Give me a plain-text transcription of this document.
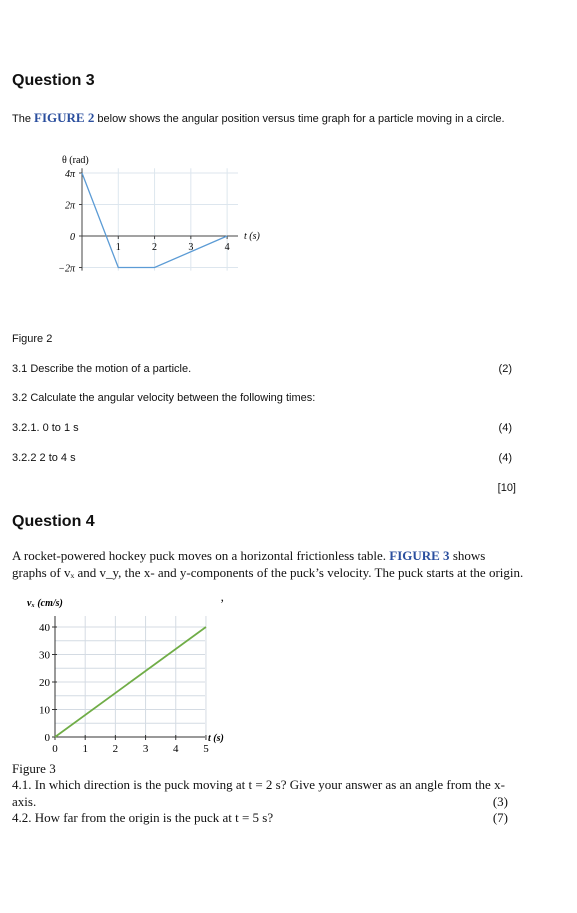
Question 3
The FIGURE 2 below shows the angular position versus time graph for a particle moving in a circle.
4π
2π
0
−2π
1	2	3	4
θ (rad)
t (s)
Figure 2
3.1 Describe the motion of a particle.	(2)
3.2 Calculate the angular velocity between the following times:
3.2.1. 0 to 1 s	(4)
3.2.2 2 to 4 s	(4)
[10]
Question 4
A rocket-powered hockey puck moves on a horizontal frictionless table. FIGURE 3 shows
graphs of vₓ and v_y, the x- and y-components of the puck’s velocity. The puck starts at the origin.
ʼ
0
10
20
30
40
0 1 2 3 4 5
vₓ (cm/s)
t (s)
Figure 3
4.1. In which direction is the puck moving at t = 2 s? Give your answer as an angle from the x-
axis.	(3)
4.2. How far from the origin is the puck at t = 5 s?	(7)
